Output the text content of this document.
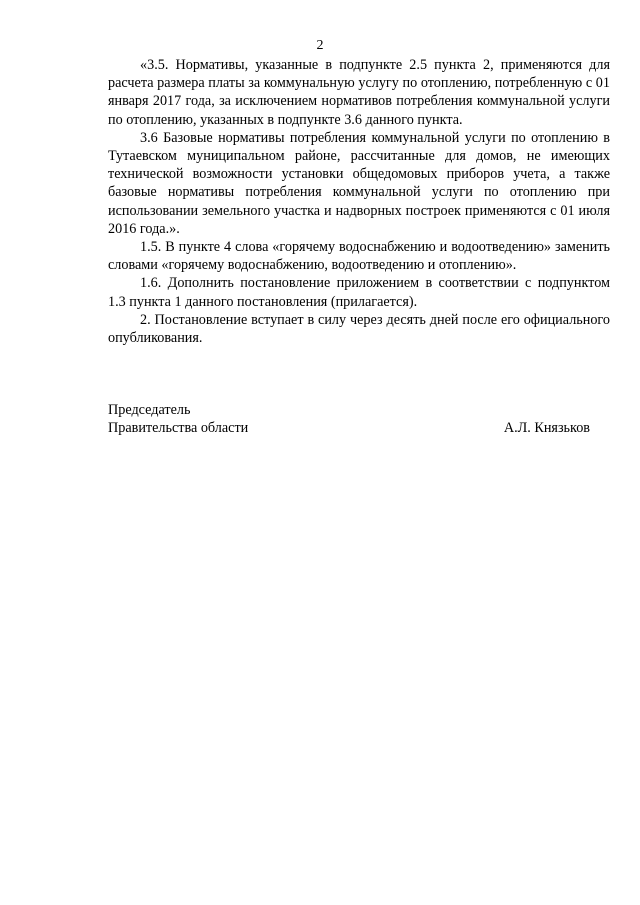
2

«3.5. Нормативы, указанные в подпункте 2.5 пункта 2, применяются для расчета размера платы за коммунальную услугу по отоплению, потребленную с 01 января 2017 года, за исключением нормативов потребления коммунальной услуги по отоплению, указанных в подпункте 3.6 данного пункта.

3.6 Базовые нормативы потребления коммунальной услуги по отоплению в Тутаевском муниципальном районе, рассчитанные для домов, не имеющих технической возможности установки общедомовых приборов учета, а также базовые нормативы потребления коммунальной услуги по отоплению при использовании земельного участка и надворных построек применяются с 01 июля 2016 года.».

1.5. В пункте 4 слова «горячему водоснабжению и водоотведению» заменить словами «горячему водоснабжению, водоотведению и отоплению».

1.6. Дополнить постановление приложением в соответствии с подпунктом 1.3 пункта 1 данного постановления (прилагается).

2. Постановление вступает в силу через десять дней после его официального опубликования.

Председатель
Правительства области	А.Л. Князьков
